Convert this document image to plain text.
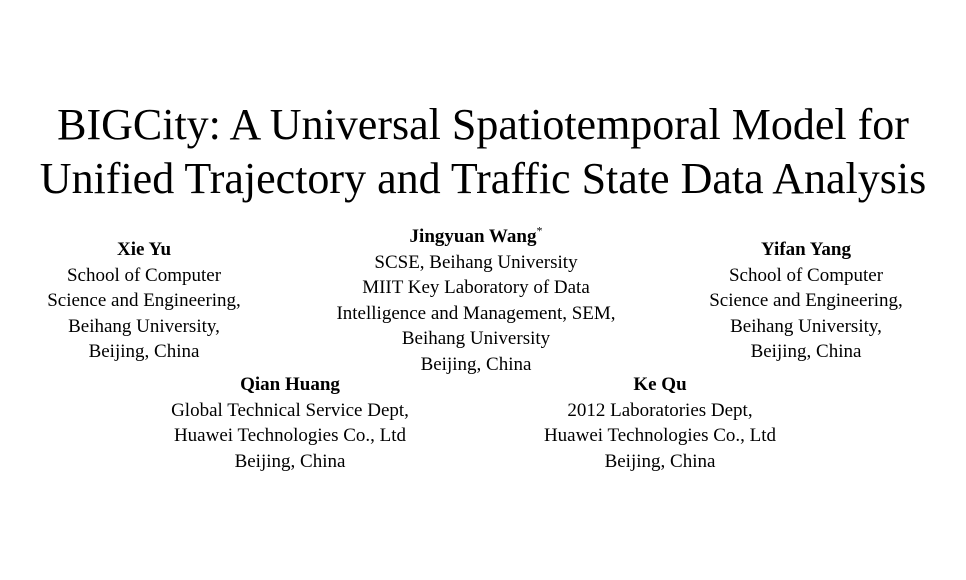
BIGCity: A Universal Spatiotemporal Model for
Unified Trajectory and Traffic State Data Analysis
Xie Yu
School of Computer
Science and Engineering,
Beihang University,
Beijing, China
Jingyuan Wang*
SCSE, Beihang University
MIIT Key Laboratory of Data
Intelligence and Management, SEM,
Beihang University
Beijing, China
Yifan Yang
School of Computer
Science and Engineering,
Beihang University,
Beijing, China
Qian Huang
Global Technical Service Dept,
Huawei Technologies Co., Ltd
Beijing, China
Ke Qu
2012 Laboratories Dept,
Huawei Technologies Co., Ltd
Beijing, China
